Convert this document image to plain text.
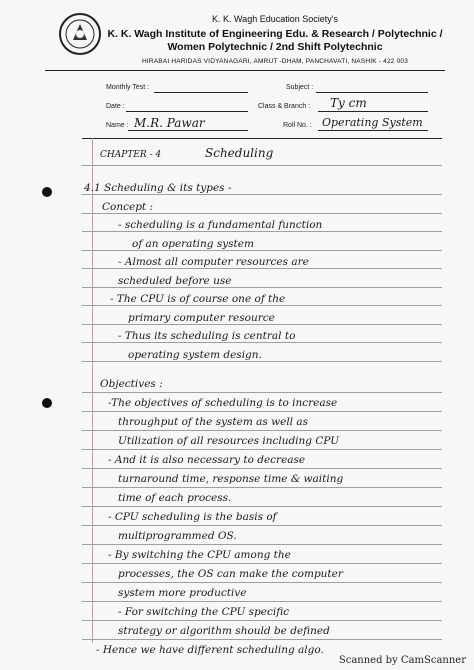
K. K. Wagh Education Society's
K. K. Wagh Institute of Engineering Edu. & Research / Polytechnic /
Women Polytechnic / 2nd Shift Polytechnic
HIRABAI HARIDAS VIDYANAGARI, AMRUT -DHAM, PANCHAVATI, NASHIK - 422 003
Monthly Test :	Subject :
Date :	Class & Branch : Ty cm
Name : M.R. Pawar	Roll No. : Operating System
CHAPTER - 4	Scheduling
4.1 Scheduling & its types -
Concept :
- scheduling is a fundamental function
of an operating system
- Almost all computer resources are
scheduled before use
- The CPU is of course one of the
primary computer resource
- Thus its scheduling is central to
operating system design.
Objectives :
-The objectives of scheduling is to increase
throughput of the system as well as
Utilization of all resources including CPU
- And it is also necessary to decrease
turnaround time, response time & waiting
time of each process.
- CPU scheduling is the basis of
multiprogrammed OS.
- By switching the CPU among the
processes, the OS can make the computer
system more productive
- For switching the CPU specific
strategy or algorithm should be defined
- Hence we have different scheduling algo.
Scanned by CamScanner
